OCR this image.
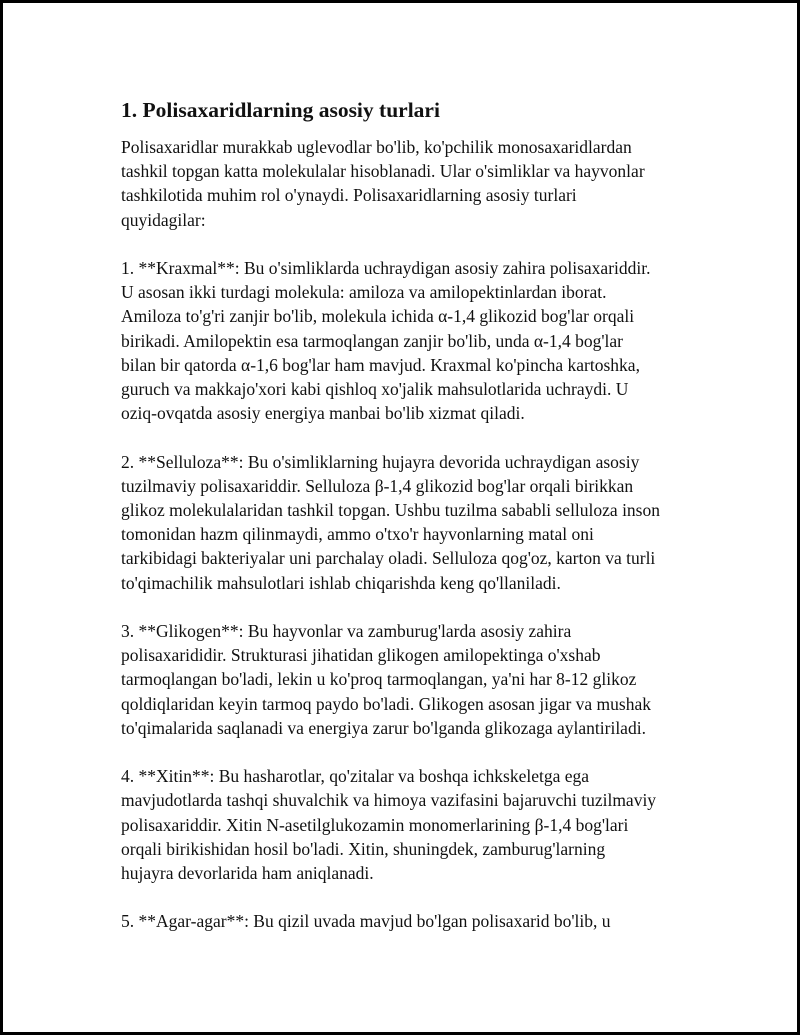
1. Polisaxaridlarning asosiy turlari
Polisaxaridlar murakkab uglevodlar bo'lib, ko'pchilik monosaxaridlardan
tashkil topgan katta molekulalar hisoblanadi. Ular o'simliklar va hayvonlar
tashkilotida muhim rol o'ynaydi. Polisaxaridlarning asosiy turlari
quyidagilar:
1. **Kraxmal**: Bu o'simliklarda uchraydigan asosiy zahira polisaxariddir.
U asosan ikki turdagi molekula: amiloza va amilopektinlardan iborat.
Amiloza to'g'ri zanjir bo'lib, molekula ichida α-1,4 glikozid bog'lar orqali
birikadi. Amilopektin esa tarmoqlangan zanjir bo'lib, unda α-1,4 bog'lar
bilan bir qatorda α-1,6 bog'lar ham mavjud. Kraxmal ko'pincha kartoshka,
guruch va makkajo'xori kabi qishloq xo'jalik mahsulotlarida uchraydi. U
oziq-ovqatda asosiy energiya manbai bo'lib xizmat qiladi.
2. **Selluloza**: Bu o'simliklarning hujayra devorida uchraydigan asosiy
tuzilmaviy polisaxariddir. Selluloza β-1,4 glikozid bog'lar orqali birikkan
glikoz molekulalaridan tashkil topgan. Ushbu tuzilma sababli selluloza inson
tomonidan hazm qilinmaydi, ammo o'txo'r hayvonlarning matal oni
tarkibidagi bakteriyalar uni parchalay oladi. Selluloza qog'oz, karton va turli
to'qimachilik mahsulotlari ishlab chiqarishda keng qo'llaniladi.
3. **Glikogen**: Bu hayvonlar va zamburug'larda asosiy zahira
polisaxarididir. Strukturasi jihatidan glikogen amilopektinga o'xshab
tarmoqlangan bo'ladi, lekin u ko'proq tarmoqlangan, ya'ni har 8-12 glikoz
qoldiqlaridan keyin tarmoq paydo bo'ladi. Glikogen asosan jigar va mushak
to'qimalarida saqlanadi va energiya zarur bo'lganda glikozaga aylantiriladi.
4. **Xitin**: Bu hasharotlar, qo'zitalar va boshqa ichkskeletga ega
mavjudotlarda tashqi shuvalchik va himoya vazifasini bajaruvchi tuzilmaviy
polisaxariddir. Xitin N-asetilglukozamin monomerlarining β-1,4 bog'lari
orqali birikishidan hosil bo'ladi. Xitin, shuningdek, zamburug'larning
hujayra devorlarida ham aniqlanadi.
5. **Agar-agar**: Bu qizil uvada mavjud bo'lgan polisaxarid bo'lib, u
